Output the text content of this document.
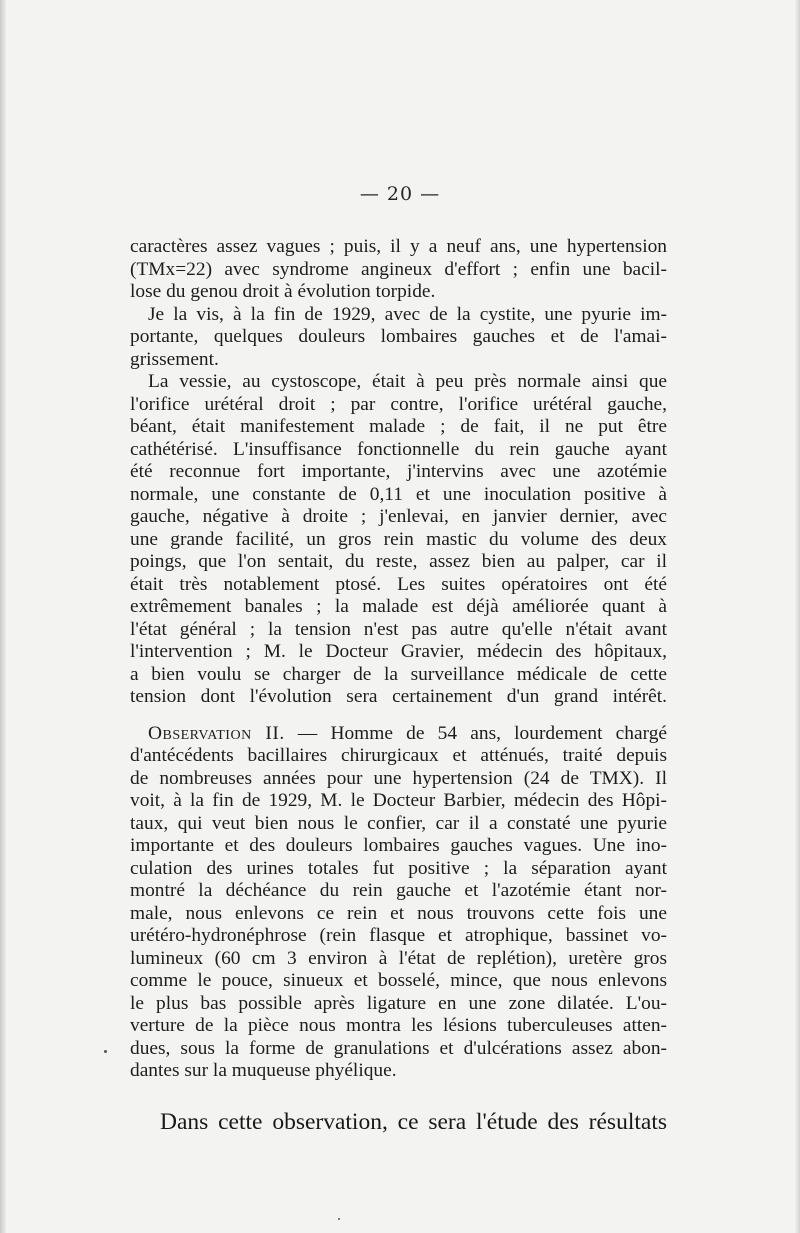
— 20 —
caractères assez vagues ; puis, il y a neuf ans, une hypertension
(TMx=22) avec syndrome angineux d'effort ; enfin une bacil-
lose du genou droit à évolution torpide.
Je la vis, à la fin de 1929, avec de la cystite, une pyurie im-
portante, quelques douleurs lombaires gauches et de l'amai-
grissement.
La vessie, au cystoscope, était à peu près normale ainsi que
l'orifice urétéral droit ; par contre, l'orifice urétéral gauche,
béant, était manifestement malade ; de fait, il ne put être
cathétérisé. L'insuffisance fonctionnelle du rein gauche ayant
été reconnue fort importante, j'intervins avec une azotémie
normale, une constante de 0,11 et une inoculation positive à
gauche, négative à droite ; j'enlevai, en janvier dernier, avec
une grande facilité, un gros rein mastic du volume des deux
poings, que l'on sentait, du reste, assez bien au palper, car il
était très notablement ptosé. Les suites opératoires ont été
extrêmement banales ; la malade est déjà améliorée quant à
l'état général ; la tension n'est pas autre qu'elle n'était avant
l'intervention ; M. le Docteur Gravier, médecin des hôpitaux,
a bien voulu se charger de la surveillance médicale de cette
tension dont l'évolution sera certainement d'un grand intérêt.
Observation II. — Homme de 54 ans, lourdement chargé
d'antécédents bacillaires chirurgicaux et atténués, traité depuis
de nombreuses années pour une hypertension (24 de TMX). Il
voit, à la fin de 1929, M. le Docteur Barbier, médecin des Hôpi-
taux, qui veut bien nous le confier, car il a constaté une pyurie
importante et des douleurs lombaires gauches vagues. Une ino-
culation des urines totales fut positive ; la séparation ayant
montré la déchéance du rein gauche et l'azotémie étant nor-
male, nous enlevons ce rein et nous trouvons cette fois une
urétéro-hydronéphrose (rein flasque et atrophique, bassinet vo-
lumineux (60 cm 3 environ à l'état de replétion), uretère gros
comme le pouce, sinueux et bosselé, mince, que nous enlevons
le plus bas possible après ligature en une zone dilatée. L'ou-
verture de la pièce nous montra les lésions tuberculeuses atten-
dues, sous la forme de granulations et d'ulcérations assez abon-
dantes sur la muqueuse phyélique.
Dans cette observation, ce sera l'étude des résultats
